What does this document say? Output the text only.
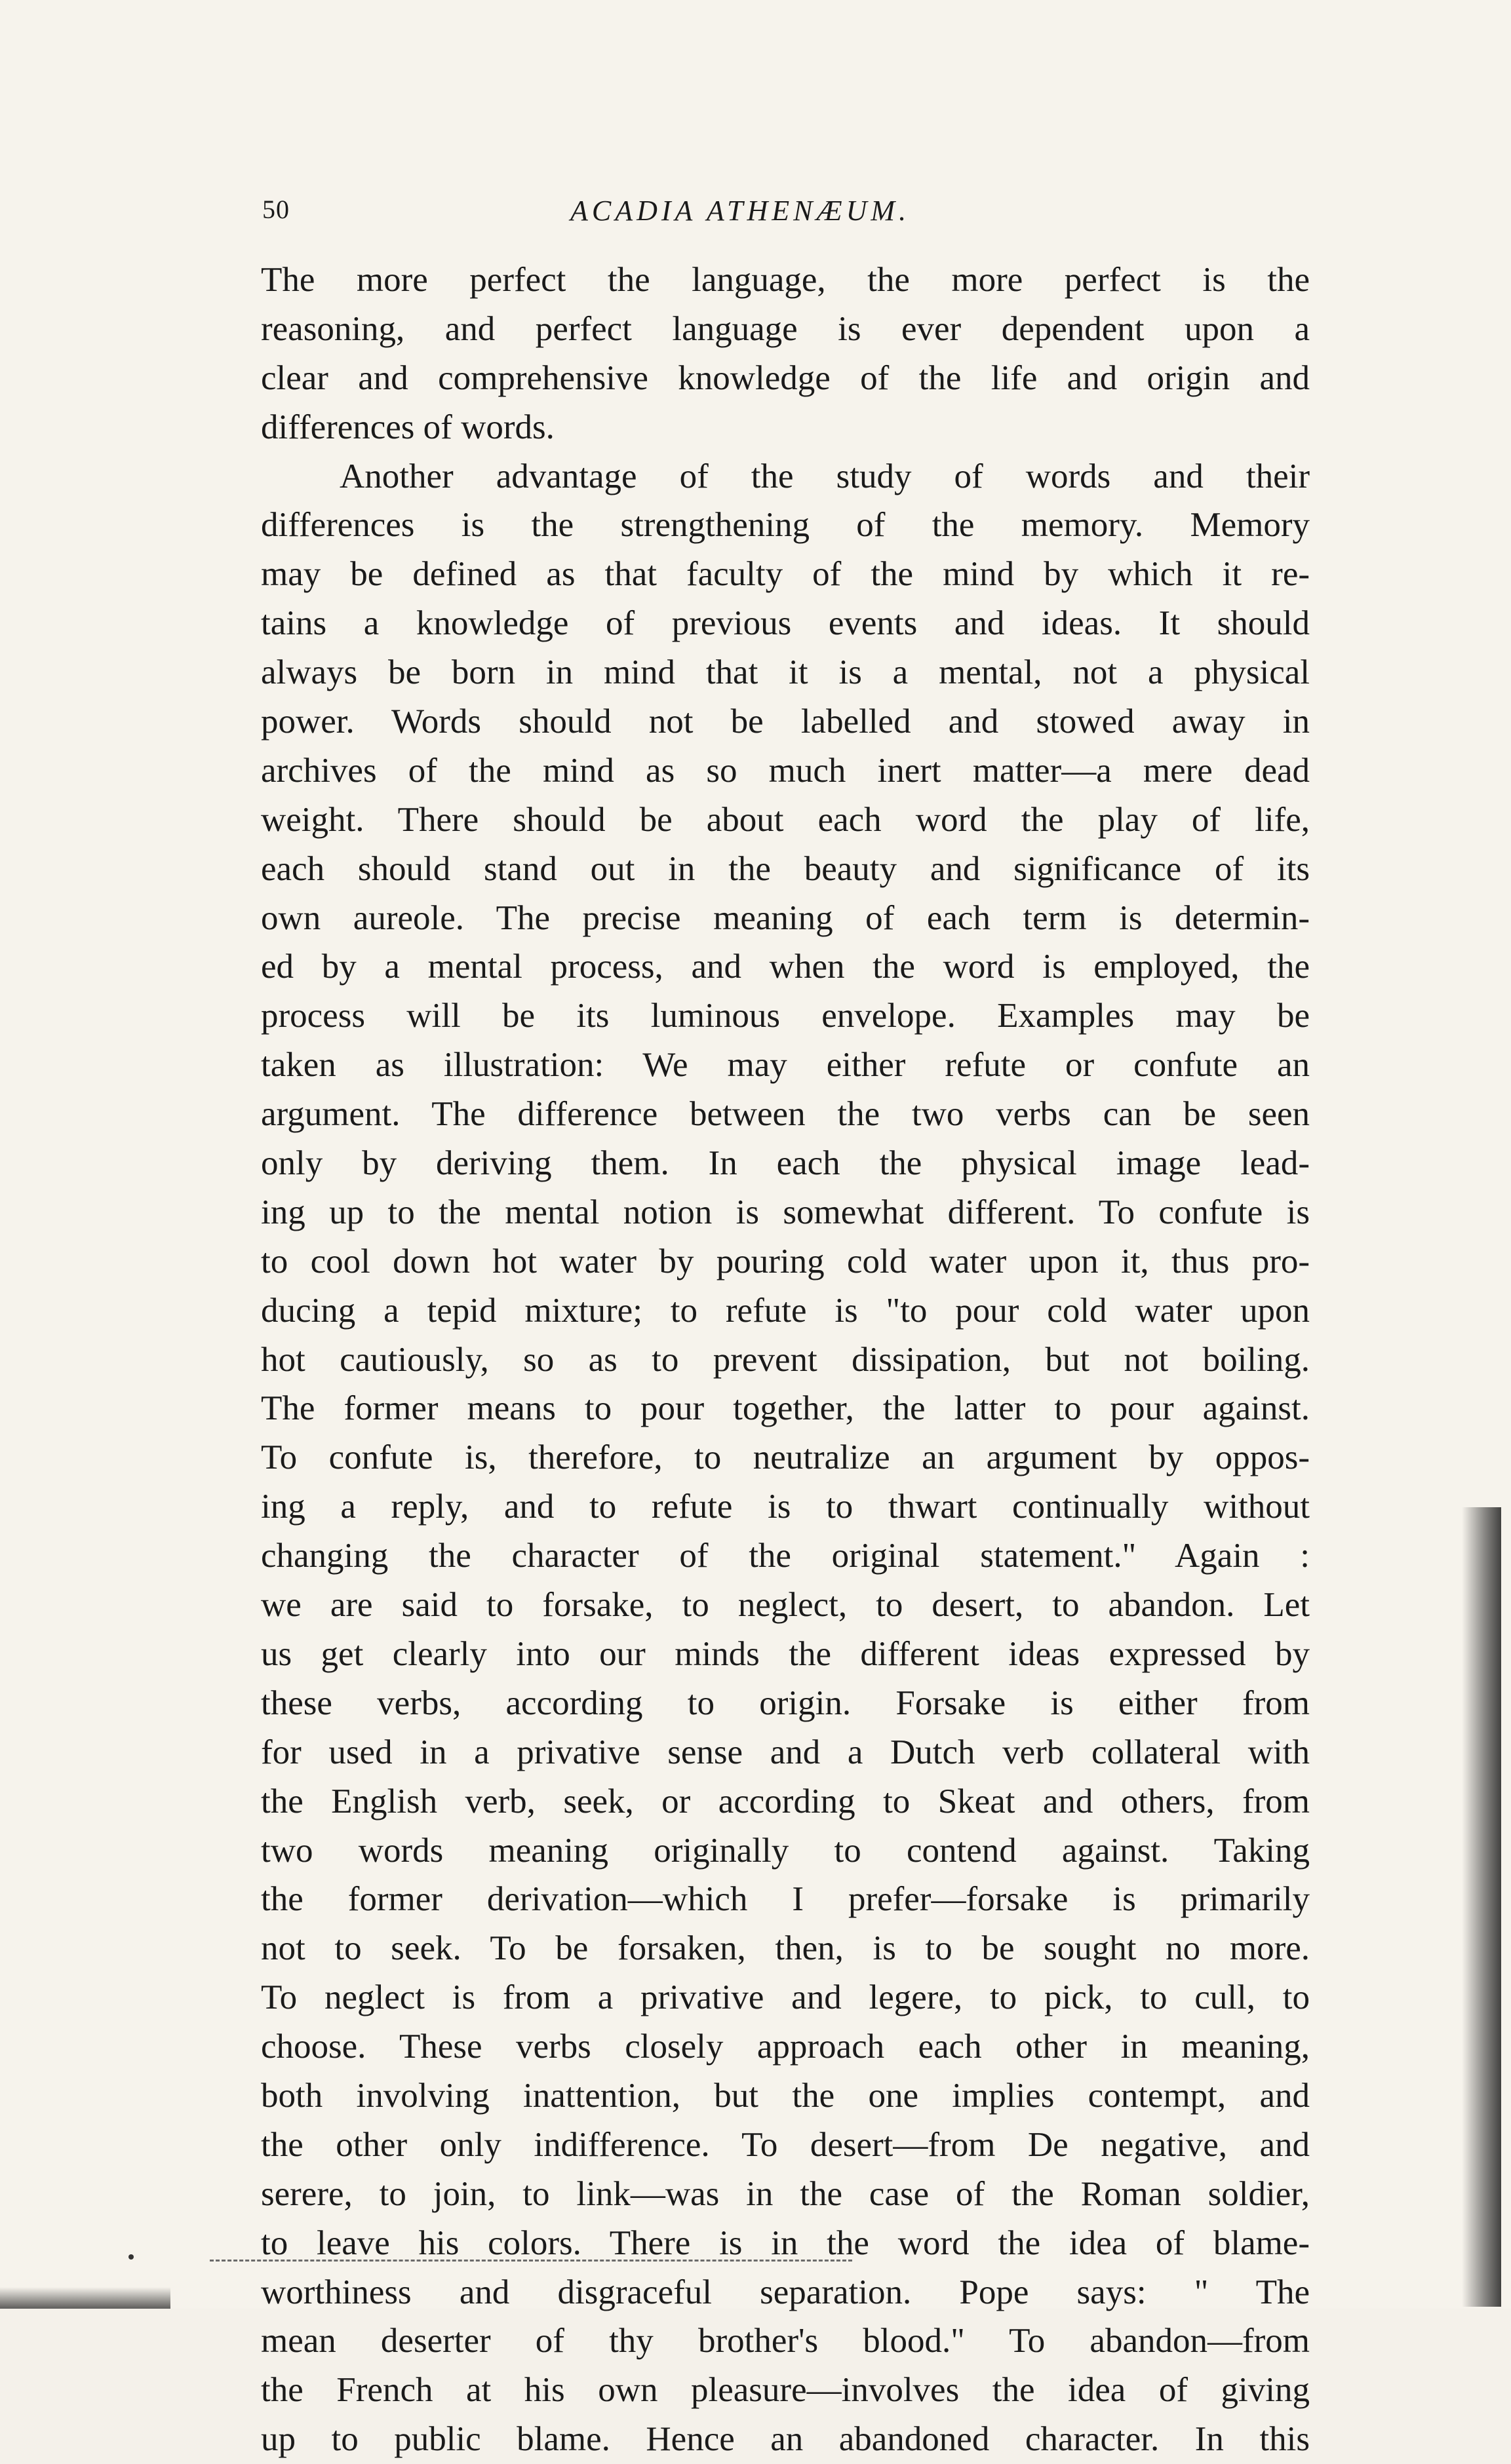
50	ACADIA ATHENÆUM.
The more perfect the language, the more perfect is the
reasoning, and perfect language is ever dependent upon a
clear and comprehensive knowledge of the life and origin and
differences of words.
Another advantage of the study of words and their
differences is the strengthening of the memory. Memory
may be defined as that faculty of the mind by which it re-
tains a knowledge of previous events and ideas. It should
always be born in mind that it is a mental, not a physical
power. Words should not be labelled and stowed away in
archives of the mind as so much inert matter—a mere dead
weight. There should be about each word the play of life,
each should stand out in the beauty and significance of its
own aureole. The precise meaning of each term is determin-
ed by a mental process, and when the word is employed, the
process will be its luminous envelope. Examples may be
taken as illustration: We may either refute or confute an
argument. The difference between the two verbs can be seen
only by deriving them. In each the physical image lead-
ing up to the mental notion is somewhat different. To confute is
to cool down hot water by pouring cold water upon it, thus pro-
ducing a tepid mixture; to refute is "to pour cold water upon
hot cautiously, so as to prevent dissipation, but not boiling.
The former means to pour together, the latter to pour against.
To confute is, therefore, to neutralize an argument by oppos-
ing a reply, and to refute is to thwart continually without
changing the character of the original statement." Again :
we are said to forsake, to neglect, to desert, to abandon. Let
us get clearly into our minds the different ideas expressed by
these verbs, according to origin. Forsake is either from
for used in a privative sense and a Dutch verb collateral with
the English verb, seek, or according to Skeat and others, from
two words meaning originally to contend against. Taking
the former derivation—which I prefer—forsake is primarily
not to seek. To be forsaken, then, is to be sought no more.
To neglect is from a privative and legere, to pick, to cull, to
choose. These verbs closely approach each other in meaning,
both involving inattention, but the one implies contempt, and
the other only indifference. To desert—from De negative, and
serere, to join, to link—was in the case of the Roman soldier,
to leave his colors. There is in the word the idea of blame-
worthiness and disgraceful separation. Pope says: " The
mean deserter of thy brother's blood." To abandon—from
the French at his own pleasure—involves the idea of giving
up to public blame. Hence an abandoned character. In this
